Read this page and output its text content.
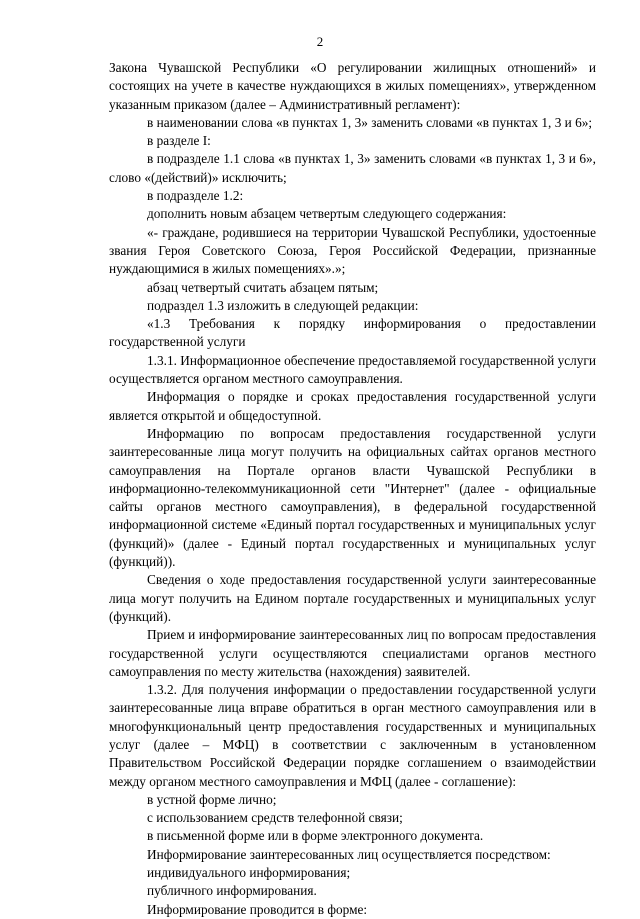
2

Закона Чувашской Республики «О регулировании жилищных отношений» и состоящих на учете в качестве нуждающихся в жилых помещениях», утвержденном указанным приказом (далее – Административный регламент):

в наименовании слова «в пунктах 1, 3» заменить словами «в пунктах 1, 3 и 6»;

в разделе I:

в подразделе 1.1 слова «в пунктах 1, 3» заменить словами «в пунктах 1, 3 и 6», слово «(действий)» исключить;

в подразделе 1.2:

дополнить новым абзацем четвертым следующего содержания:

«- граждане, родившиеся на территории Чувашской Республики, удостоенные звания Героя Советского Союза, Героя Российской Федерации, признанные нуждающимися в жилых помещениях».»;

абзац четвертый считать абзацем пятым;

подраздел 1.3 изложить в следующей редакции:

«1.3 Требования к порядку информирования о предоставлении государственной услуги

1.3.1. Информационное обеспечение предоставляемой государственной услуги осуществляется органом местного самоуправления.

Информация о порядке и сроках предоставления государственной услуги является открытой и общедоступной.

Информацию по вопросам предоставления государственной услуги заинтересованные лица могут получить на официальных сайтах органов местного самоуправления на Портале органов власти Чувашской Республики в информационно-телекоммуникационной сети "Интернет" (далее - официальные сайты органов местного самоуправления), в федеральной государственной информационной системе «Единый портал государственных и муниципальных услуг (функций)» (далее - Единый портал государственных и муниципальных услуг (функций)).

Сведения о ходе предоставления государственной услуги заинтересованные лица могут получить на Едином портале государственных и муниципальных услуг (функций).

Прием и информирование заинтересованных лиц по вопросам предоставления государственной услуги осуществляются специалистами органов местного самоуправления по месту жительства (нахождения) заявителей.

1.3.2. Для получения информации о предоставлении государственной услуги заинтересованные лица вправе обратиться в орган местного самоуправления или в многофункциональный центр предоставления государственных и муниципальных услуг (далее – МФЦ) в соответствии с заключенным в установленном Правительством Российской Федерации порядке соглашением о взаимодействии между органом местного самоуправления и МФЦ (далее - соглашение):

в устной форме лично;

с использованием средств телефонной связи;

в письменной форме или в форме электронного документа.

Информирование заинтересованных лиц осуществляется посредством:

индивидуального информирования;

публичного информирования.

Информирование проводится в форме:
